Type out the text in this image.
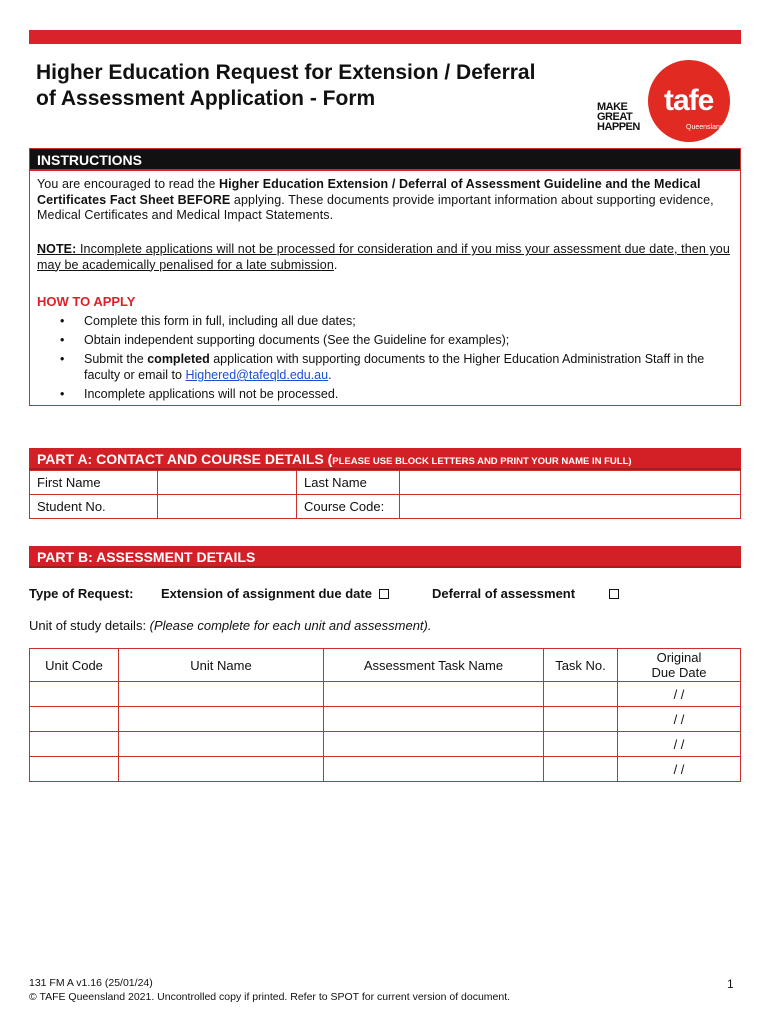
Higher Education Request for Extension / Deferral of Assessment Application - Form	MAKE
GREAT
HAPPEN
tafe
Queensland
INSTRUCTIONS

You are encouraged to read the Higher Education Extension / Deferral of Assessment Guideline and the Medical Certificates Fact Sheet BEFORE applying. These documents provide important information about supporting evidence, Medical Certificates and Medical Impact Statements.

NOTE: Incomplete applications will not be processed for consideration and if you miss your assessment due date, then you may be academically penalised for a late submission.

HOW TO APPLY
• Complete this form in full, including all due dates;
• Obtain independent supporting documents (See the Guideline for examples);
• Submit the completed application with supporting documents to the Higher Education Administration Staff in the faculty or email to Highered@tafeqld.edu.au.
• Incomplete applications will not be processed.
PART A: CONTACT AND COURSE DETAILS (PLEASE USE BLOCK LETTERS AND PRINT YOUR NAME IN FULL)
First Name		Last Name	
Student No.		Course Code:	
PART B: ASSESSMENT DETAILS
Type of Request: Extension of assignment due date	Deferral of assessment
Unit of study details: (Please complete for each unit and assessment).
Unit Code	Unit Name	Assessment Task Name	Task No.	Original
Due Date

				/ /
				/ /
				/ /
				/ /
131 FM A v1.16 (25/01/24)
© TAFE Queensland 2021. Uncontrolled copy if printed. Refer to SPOT for current version of document.
1
